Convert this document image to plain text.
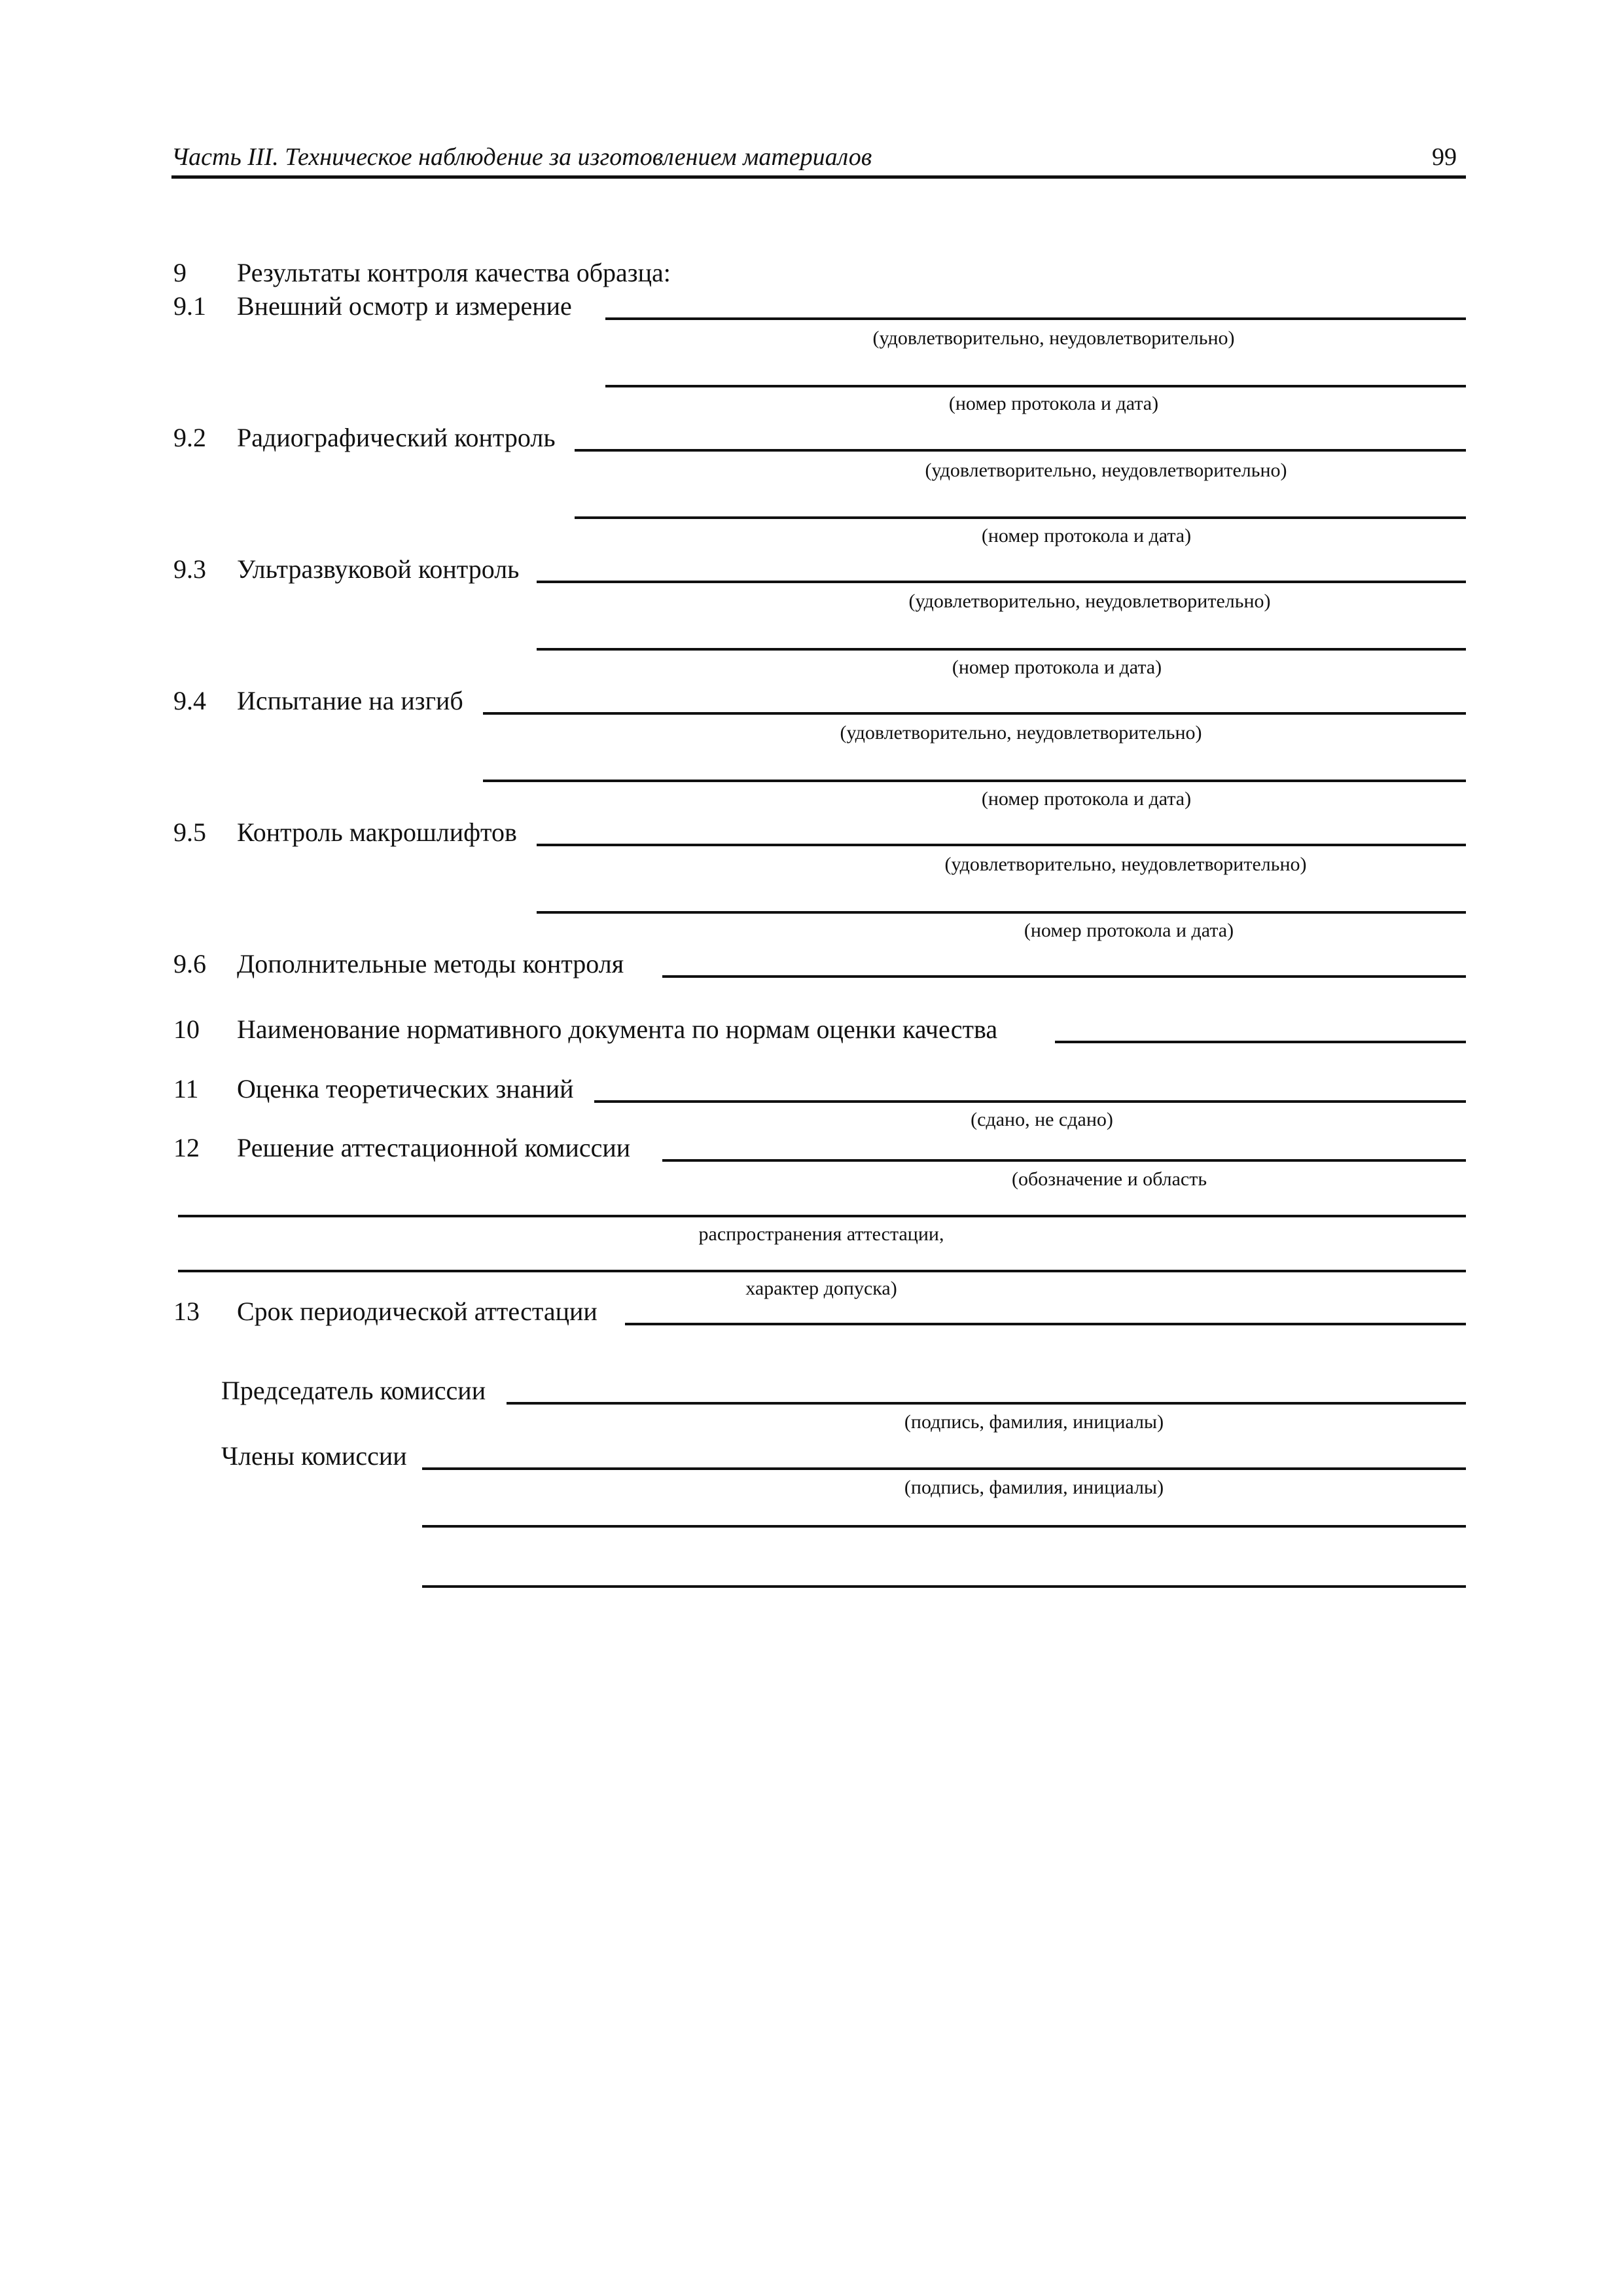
Часть III. Техническое наблюдение за изготовлением материалов	99
9 Результаты контроля качества образца:
9.1 Внешний осмотр и измерение
(удовлетворительно, неудовлетворительно)
(номер протокола и дата)
9.2 Радиографический контроль
(удовлетворительно, неудовлетворительно)
(номер протокола и дата)
9.3 Ультразвуковой контроль
(удовлетворительно, неудовлетворительно)
(номер протокола и дата)
9.4 Испытание на изгиб
(удовлетворительно, неудовлетворительно)
(номер протокола и дата)
9.5 Контроль макрошлифтов
(удовлетворительно, неудовлетворительно)
(номер протокола и дата)
9.6 Дополнительные методы контроля
10 Наименование нормативного документа по нормам оценки качества
11 Оценка теоретических знаний
(сдано, не сдано)
12 Решение аттестационной комиссии
(обозначение и область
распространения аттестации,
характер допуска)
13 Срок периодической аттестации
Председатель комиссии
(подпись, фамилия, инициалы)
Члены комиссии
(подпись, фамилия, инициалы)
